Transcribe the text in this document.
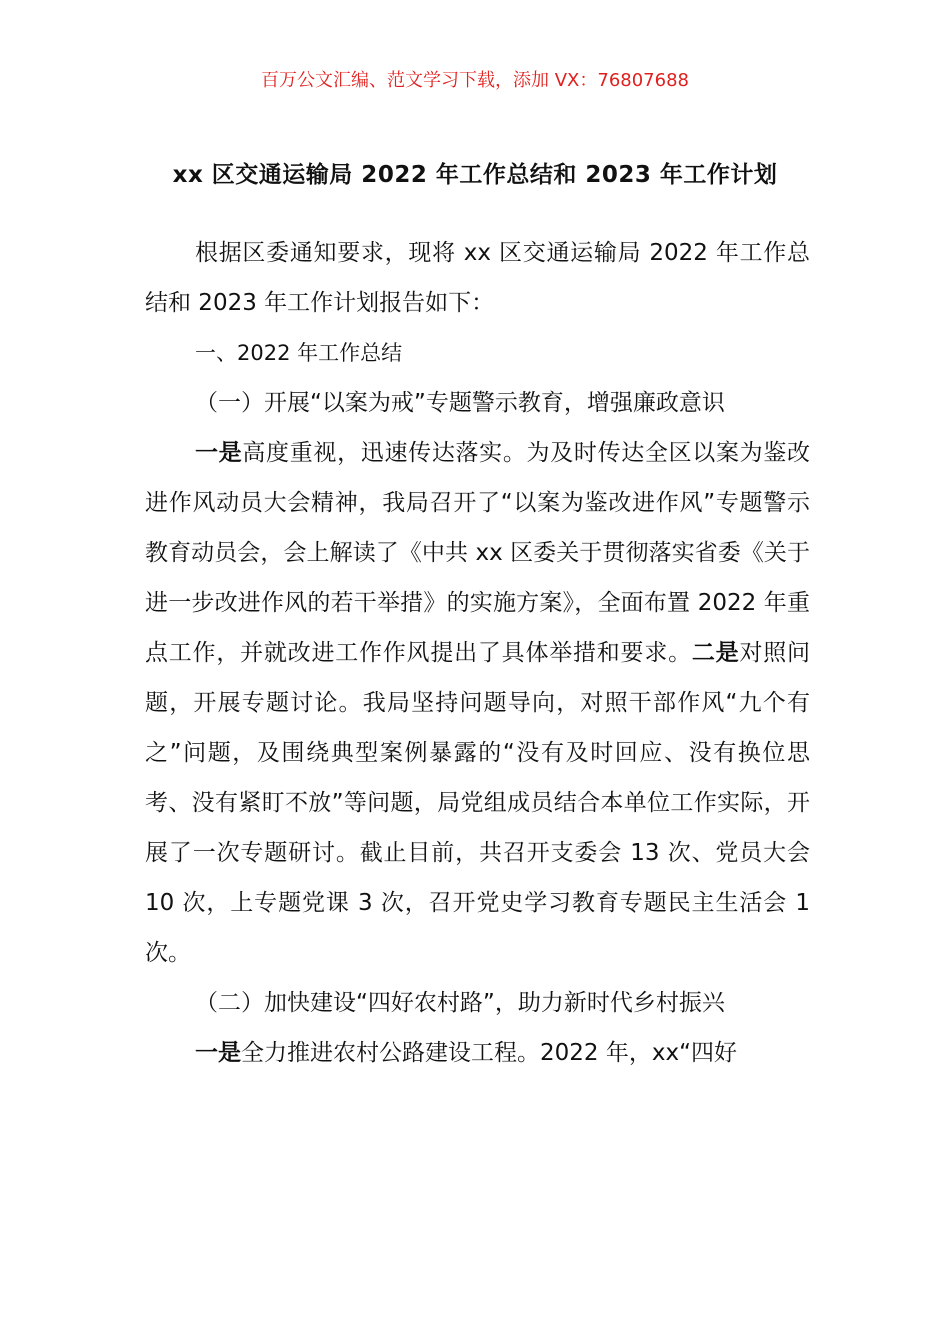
百万公文汇编、范文学习下载，添加 VX：76807688
xx 区交通运输局 2022 年工作总结和 2023 年工作计划

根据区委通知要求，现将 xx 区交通运输局 2022 年工作总结和 2023 年工作计划报告如下：

一、2022 年工作总结

（一）开展“以案为戒”专题警示教育，增强廉政意识

一是高度重视，迅速传达落实。为及时传达全区以案为鉴改进作风动员大会精神，我局召开了“以案为鉴改进作风”专题警示教育动员会，会上解读了《中共 xx 区委关于贯彻落实省委《关于进一步改进作风的若干举措》的实施方案》，全面布置 2022 年重点工作，并就改进工作作风提出了具体举措和要求。二是对照问题，开展专题讨论。我局坚持问题导向，对照干部作风“九个有之”问题，及围绕典型案例暴露的“没有及时回应、没有换位思考、没有紧盯不放”等问题，局党组成员结合本单位工作实际，开展了一次专题研讨。截止目前，共召开支委会 13 次、党员大会 10 次，上专题党课 3 次，召开党史学习教育专题民主生活会 1 次。

（二）加快建设“四好农村路”，助力新时代乡村振兴

一是全力推进农村公路建设工程。2022 年，xx“四好
